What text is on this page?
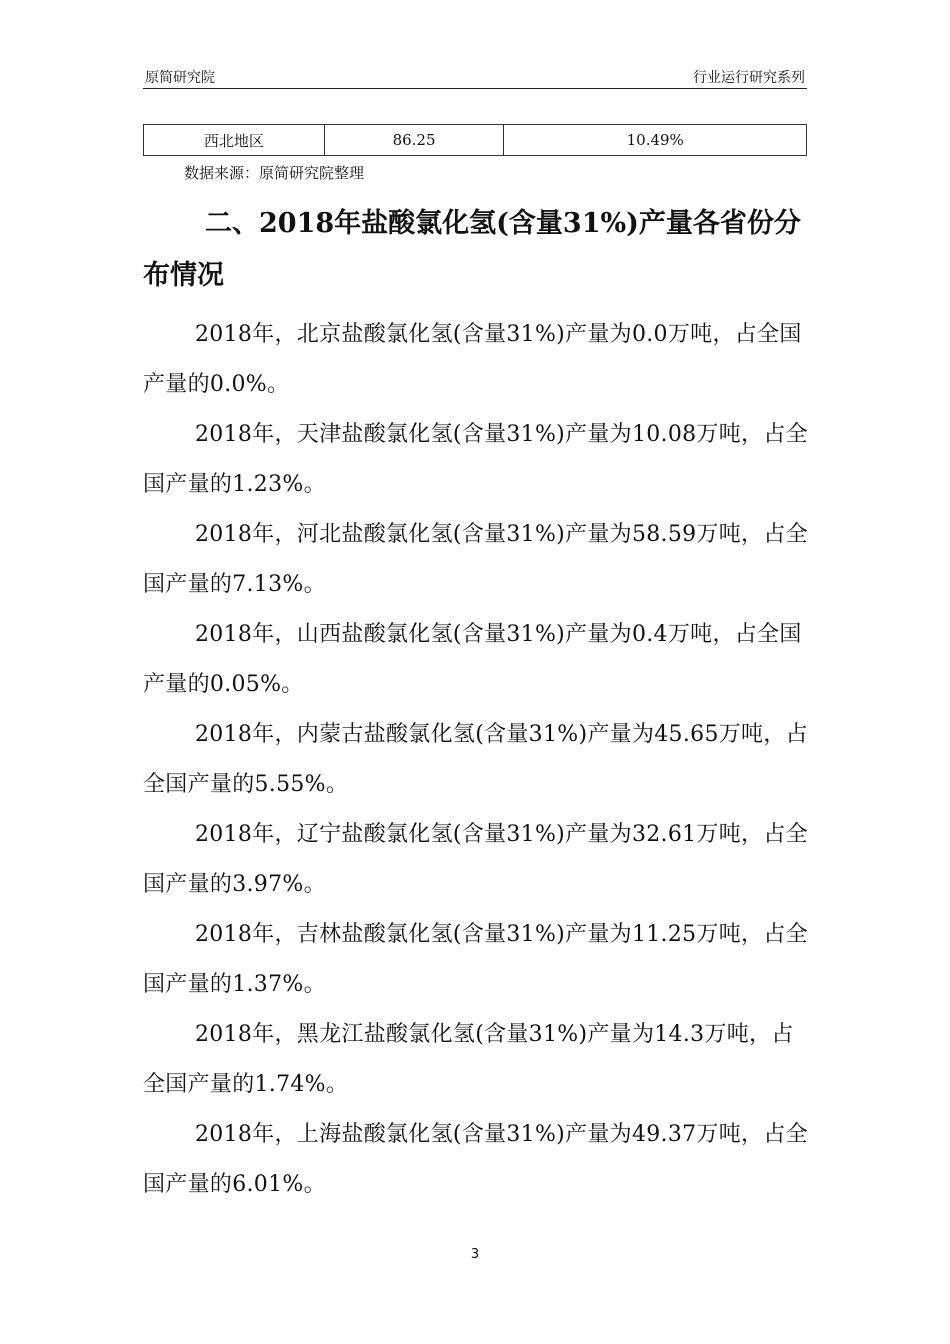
原简研究院	行业运行研究系列
西北地区	86.25	10.49%
数据来源：原简研究院整理
二、2018年盐酸氯化氢(含量31%)产量各省份分布情况

2018年，北京盐酸氯化氢(含量31%)产量为0.0万吨，占全国产量的0.0%。

2018年，天津盐酸氯化氢(含量31%)产量为10.08万吨，占全国产量的1.23%。

2018年，河北盐酸氯化氢(含量31%)产量为58.59万吨，占全国产量的7.13%。

2018年，山西盐酸氯化氢(含量31%)产量为0.4万吨，占全国产量的0.05%。

2018年，内蒙古盐酸氯化氢(含量31%)产量为45.65万吨，占全国产量的5.55%。

2018年，辽宁盐酸氯化氢(含量31%)产量为32.61万吨，占全国产量的3.97%。

2018年，吉林盐酸氯化氢(含量31%)产量为11.25万吨，占全国产量的1.37%。

2018年，黑龙江盐酸氯化氢(含量31%)产量为14.3万吨，占全国产量的1.74%。

2018年，上海盐酸氯化氢(含量31%)产量为49.37万吨，占全国产量的6.01%。

3
